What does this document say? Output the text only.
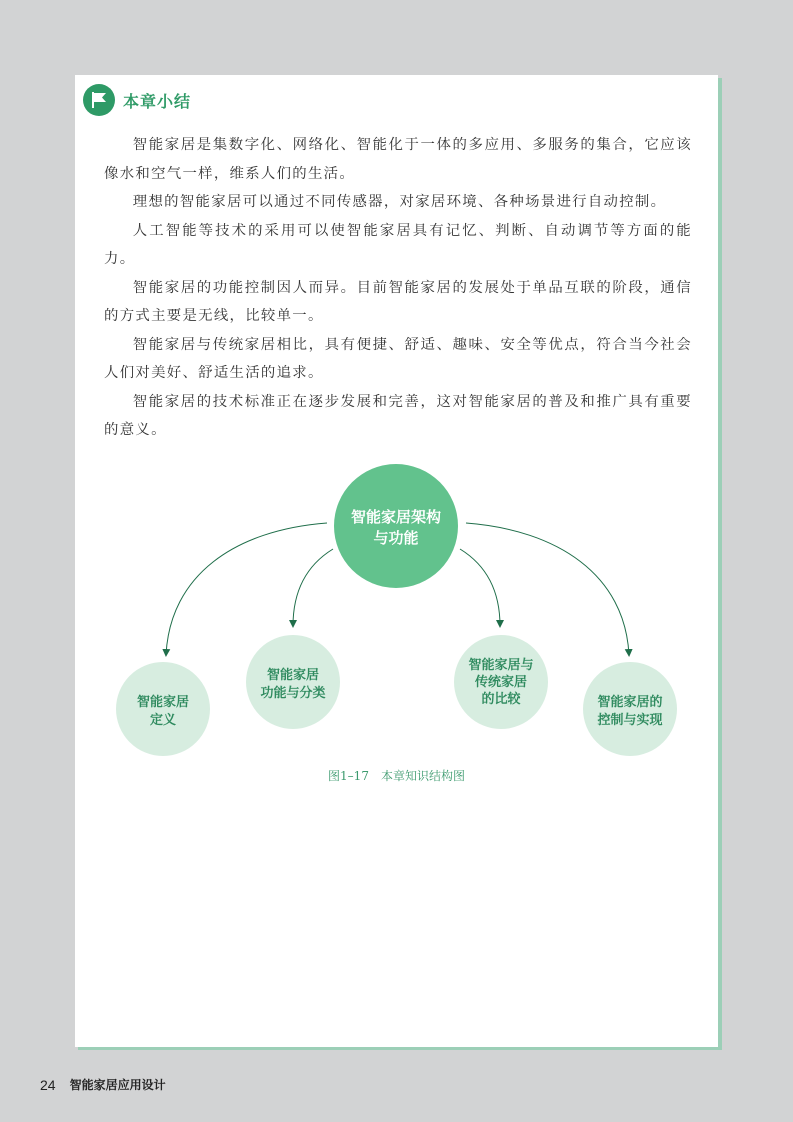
本章小结

智能家居是集数字化、网络化、智能化于一体的多应用、多服务的集合，它应该像水和空气一样，维系人们的生活。

理想的智能家居可以通过不同传感器，对家居环境、各种场景进行自动控制。

人工智能等技术的采用可以使智能家居具有记忆、判断、自动调节等方面的能力。

智能家居的功能控制因人而异。目前智能家居的发展处于单品互联的阶段，通信的方式主要是无线，比较单一。

智能家居与传统家居相比，具有便捷、舒适、趣味、安全等优点，符合当今社会人们对美好、舒适生活的追求。

智能家居的技术标准正在逐步发展和完善，这对智能家居的普及和推广具有重要的意义。

智能家居架构
与功能
智能家居
定义
智能家居
功能与分类
智能家居与
传统家居
的比较	智能家居的
控制与实现
图1–17　本章知识结构图
24 智能家居应用设计
